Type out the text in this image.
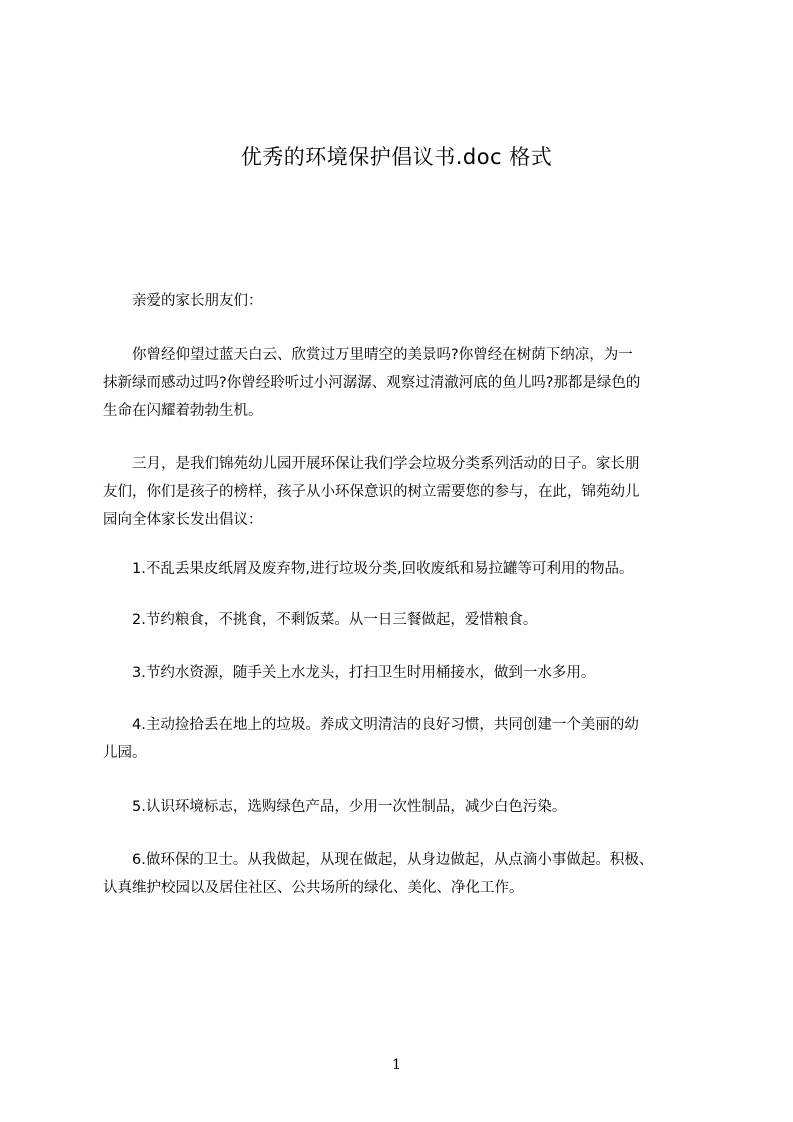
优秀的环境保护倡议书.doc 格式
　　亲爱的家长朋友们：
　　你曾经仰望过蓝天白云、欣赏过万里晴空的美景吗?你曾经在树荫下纳凉，为一
抹新绿而感动过吗?你曾经聆听过小河潺潺、观察过清澈河底的鱼儿吗?那都是绿色的
生命在闪耀着勃勃生机。
　　三月，是我们锦苑幼儿园开展环保让我们学会垃圾分类系列活动的日子。家长朋
友们，你们是孩子的榜样，孩子从小环保意识的树立需要您的参与，在此，锦苑幼儿
园向全体家长发出倡议：
　　1.不乱丢果皮纸屑及废弃物,进行垃圾分类,回收废纸和易拉罐等可利用的物品。
　　2.节约粮食，不挑食，不剩饭菜。从一日三餐做起，爱惜粮食。
　　3.节约水资源，随手关上水龙头，打扫卫生时用桶接水，做到一水多用。
　　4.主动捡拾丢在地上的垃圾。养成文明清洁的良好习惯，共同创建一个美丽的幼
儿园。
　　5.认识环境标志，选购绿色产品，少用一次性制品，减少白色污染。
　　6.做环保的卫士。从我做起，从现在做起，从身边做起，从点滴小事做起。积极、
认真维护校园以及居住社区、公共场所的绿化、美化、净化工作。
1
